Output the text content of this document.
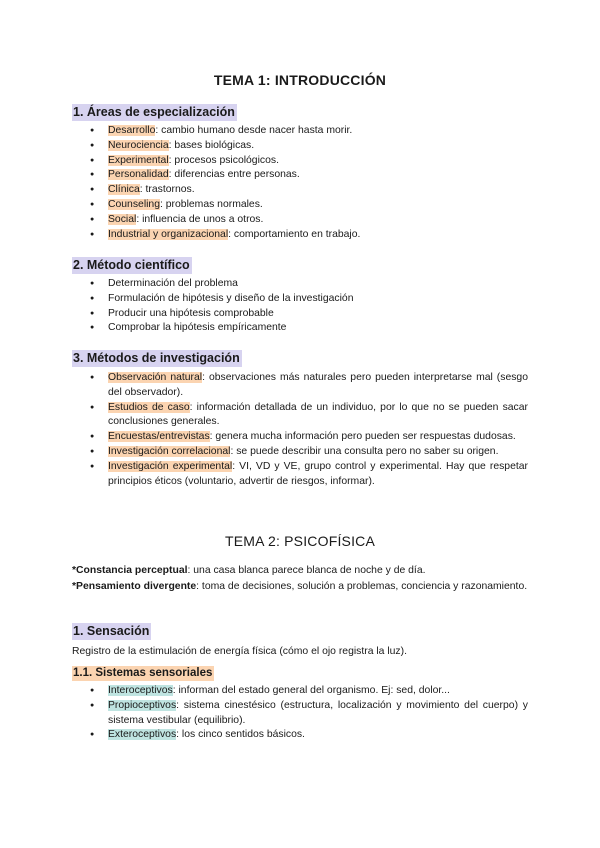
TEMA 1: INTRODUCCIÓN
1. Áreas de especialización
● Desarrollo: cambio humano desde nacer hasta morir.
● Neurociencia: bases biológicas.
● Experimental: procesos psicológicos.
● Personalidad: diferencias entre personas.
● Clínica: trastornos.
● Counseling: problemas normales.
● Social: influencia de unos a otros.
● Industrial y organizacional: comportamiento en trabajo.
2. Método científico
● Determinación del problema
● Formulación de hipótesis y diseño de la investigación
● Producir una hipótesis comprobable
● Comprobar la hipótesis empíricamente
3. Métodos de investigación
● Observación natural: observaciones más naturales pero pueden interpretarse mal (sesgo del observador).
● Estudios de caso: información detallada de un individuo, por lo que no se pueden sacar conclusiones generales.
● Encuestas/entrevistas: genera mucha información pero pueden ser respuestas dudosas.
● Investigación correlacional: se puede describir una consulta pero no saber su origen.
● Investigación experimental: VI, VD y VE, grupo control y experimental. Hay que respetar principios éticos (voluntario, advertir de riesgos, informar).
TEMA 2: PSICOFÍSICA
*Constancia perceptual: una casa blanca parece blanca de noche y de día.
*Pensamiento divergente: toma de decisiones, solución a problemas, conciencia y razonamiento.
1. Sensación
Registro de la estimulación de energía física (cómo el ojo registra la luz).
1.1. Sistemas sensoriales
● Interoceptivos: informan del estado general del organismo. Ej: sed, dolor...
● Propioceptivos: sistema cinestésico (estructura, localización y movimiento del cuerpo) y sistema vestibular (equilibrio).
● Exteroceptivos: los cinco sentidos básicos.
